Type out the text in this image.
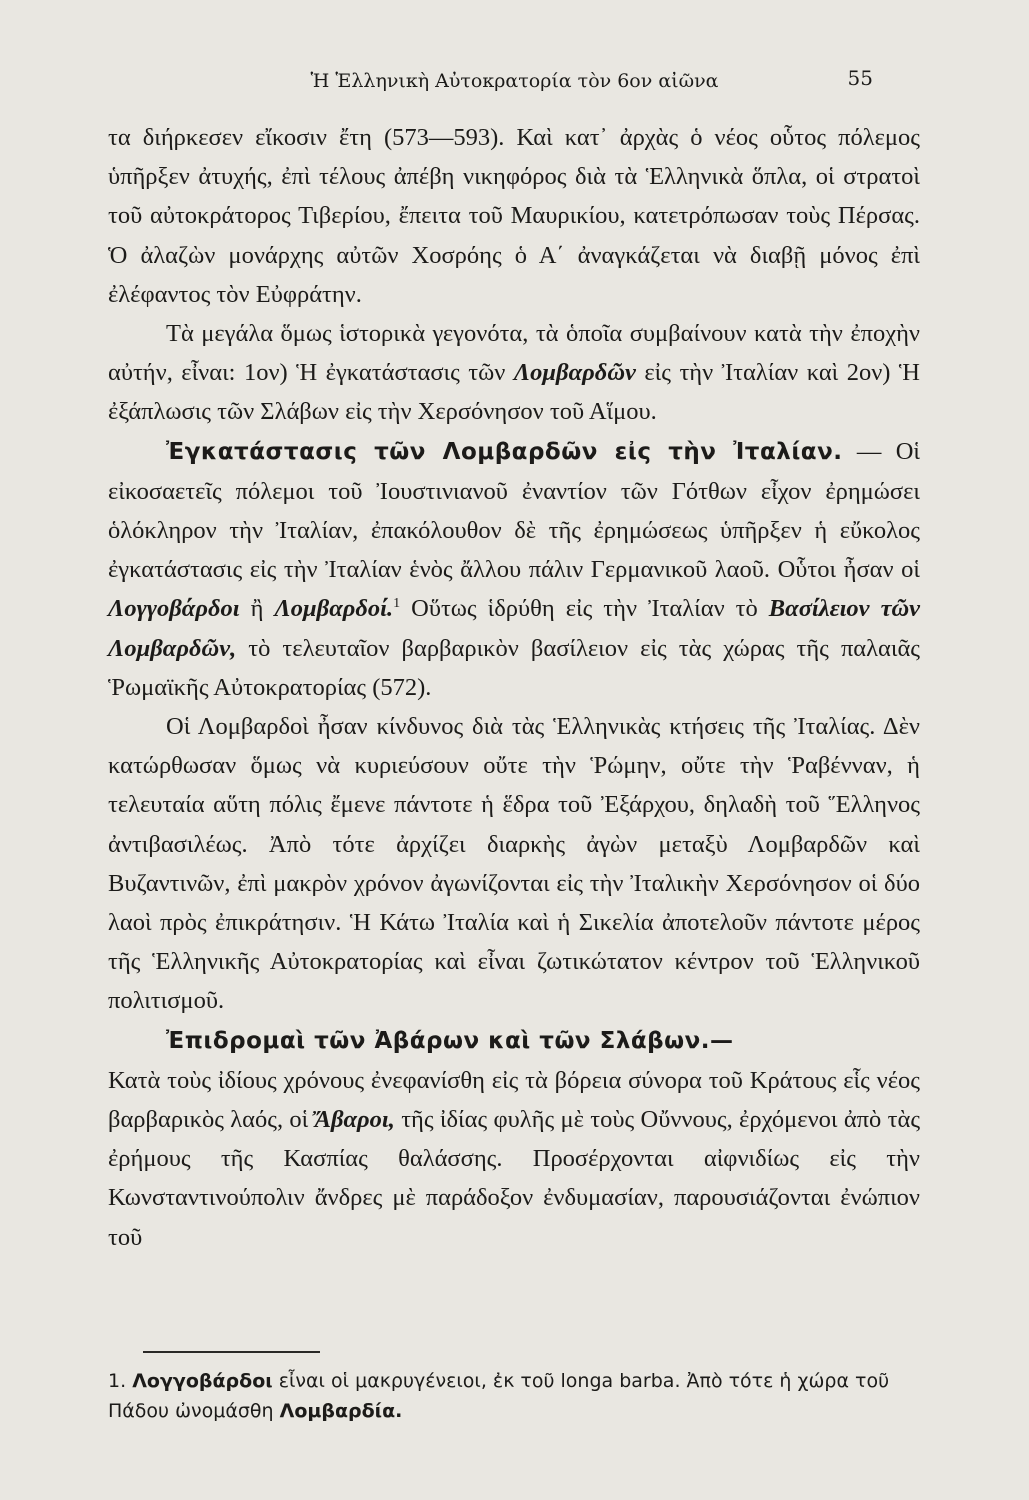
Ἡ Ἑλληνικὴ Αὐτοκρατορία τὸν 6ον αἰῶνα	55

τα διήρκεσεν εἴκοσιν ἔτη (573—593). Καὶ κατ᾽ ἀρχὰς ὁ νέος οὗτος πόλεμος ὑπῆρξεν ἀτυχής, ἐπὶ τέλους ἀπέβη νικηφόρος διὰ τὰ Ἑλληνικὰ ὅπλα, οἱ στρατοὶ τοῦ αὐτοκράτορος Τιβερίου, ἔπειτα τοῦ Μαυρικίου, κατετρόπωσαν τοὺς Πέρσας. Ὁ ἀλαζὼν μονάρχης αὐτῶν Χοσρόης ὁ Α΄ ἀναγκάζεται νὰ διαβῇ μόνος ἐπὶ ἐλέφαντος τὸν Εὐφράτην.

Τὰ μεγάλα ὅμως ἱστορικὰ γεγονότα, τὰ ὁποῖα συμβαίνουν κατὰ τὴν ἐποχὴν αὐτήν, εἶναι: 1ον) Ἡ ἐγκατάστασις τῶν Λομβαρδῶν εἰς τὴν Ἰταλίαν καὶ 2ον) Ἡ ἐξάπλωσις τῶν Σλάβων εἰς τὴν Χερσόνησον τοῦ Αἵμου.

Ἐγκατάστασις τῶν Λομβαρδῶν εἰς τὴν Ἰταλίαν. — Οἱ εἰκοσαετεῖς πόλεμοι τοῦ Ἰουστινιανοῦ ἐναντίον τῶν Γότθων εἶχον ἐρημώσει ὁλόκληρον τὴν Ἰταλίαν, ἐπακόλουθον δὲ τῆς ἐρημώσεως ὑπῆρξεν ἡ εὔκολος ἐγκατάστασις εἰς τὴν Ἰταλίαν ἑνὸς ἄλλου πάλιν Γερμανικοῦ λαοῦ. Οὗτοι ἦσαν οἱ Λογγοβάρδοι ἢ Λομβαρδοί.$^1$ Οὕτως ἱδρύθη εἰς τὴν Ἰταλίαν τὸ Βασίλειον τῶν Λομβαρδῶν, τὸ τελευταῖον βαρβαρικὸν βασίλειον εἰς τὰς χώρας τῆς παλαιᾶς Ῥωμαϊκῆς Αὐτοκρατορίας (572).

Οἱ Λομβαρδοὶ ἦσαν κίνδυνος διὰ τὰς Ἑλληνικὰς κτήσεις τῆς Ἰταλίας. Δὲν κατώρθωσαν ὅμως νὰ κυριεύσουν οὔτε τὴν Ῥώμην, οὔτε τὴν Ῥαβένναν, ἡ τελευταία αὕτη πόλις ἔμενε πάντοτε ἡ ἕδρα τοῦ Ἐξάρχου, δηλαδὴ τοῦ Ἕλληνος ἀντιβασιλέως. Ἀπὸ τότε ἀρχίζει διαρκὴς ἀγὼν μεταξὺ Λομβαρδῶν καὶ Βυζαντινῶν, ἐπὶ μακρὸν χρόνον ἀγωνίζονται εἰς τὴν Ἰταλικὴν Χερσόνησον οἱ δύο λαοὶ πρὸς ἐπικράτησιν. Ἡ Κάτω Ἰταλία καὶ ἡ Σικελία ἀποτελοῦν πάντοτε μέρος τῆς Ἑλληνικῆς Αὐτοκρατορίας καὶ εἶναι ζωτικώτατον κέντρον τοῦ Ἑλληνικοῦ πολιτισμοῦ.

Ἐπιδρομαὶ τῶν Ἀβάρων καὶ τῶν Σλάβων.—

Κατὰ τοὺς ἰδίους χρόνους ἐνεφανίσθη εἰς τὰ βόρεια σύνορα τοῦ Κράτους εἷς νέος βαρβαρικὸς λαός, οἱ Ἄβαροι, τῆς ἰδίας φυλῆς μὲ τοὺς Οὔννους, ἐρχόμενοι ἀπὸ τὰς ἐρήμους τῆς Κασπίας θαλάσσης. Προσέρχονται αἰφνιδίως εἰς τὴν Κωνσταντινούπολιν ἄνδρες μὲ παράδοξον ἐνδυμασίαν, παρουσιάζονται ἐνώπιον τοῦ

1. Λογγοβάρδοι εἶναι οἱ μακρυγένειοι, ἐκ τοῦ longa barba. Ἀπὸ τότε ἡ χώρα τοῦ Πάδου ὠνομάσθη Λομβαρδία.
